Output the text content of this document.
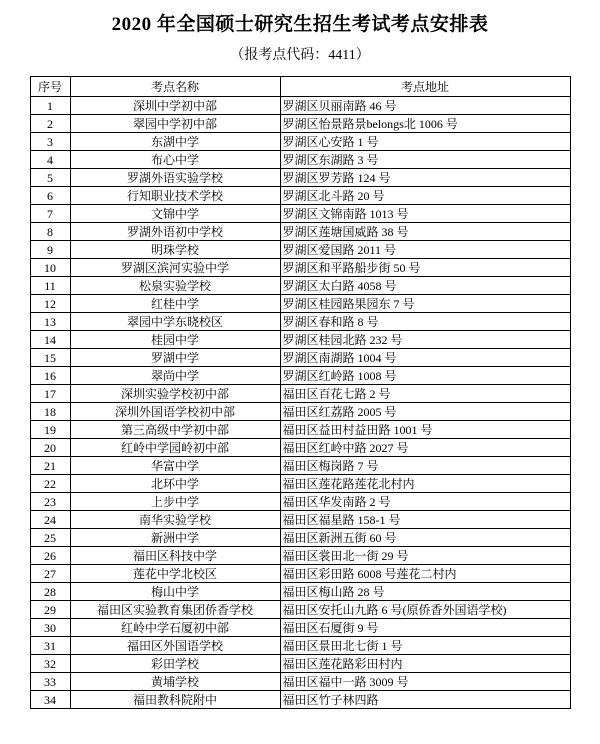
2020 年全国硕士研究生招生考试考点安排表
（报考点代码：4411）
序号	考点名称	考点地址
1	深圳中学初中部	罗湖区贝丽南路 46 号
2	翠园中学初中部	罗湖区怡景路景belongs北 1006 号
3	东湖中学	罗湖区心安路 1 号
4	布心中学	罗湖区东湖路 3 号
5	罗湖外语实验学校	罗湖区罗芳路 124 号
6	行知职业技术学校	罗湖区北斗路 20 号
7	文锦中学	罗湖区文锦南路 1013 号
8	罗湖外语初中学校	罗湖区莲塘国威路 38 号
9	明珠学校	罗湖区爱国路 2011 号
10	罗湖区滨河实验中学	罗湖区和平路船步街 50 号
11	松泉实验学校	罗湖区太白路 4058 号
12	红桂中学	罗湖区桂园路果园东 7 号
13	翠园中学东晓校区	罗湖区春和路 8 号
14	桂园中学	罗湖区桂园北路 232 号
15	罗湖中学	罗湖区南湖路 1004 号
16	翠尚中学	罗湖区红岭路 1008 号
17	深圳实验学校初中部	福田区百花七路 2 号
18	深圳外国语学校初中部	福田区红荔路 2005 号
19	第三高级中学初中部	福田区益田村益田路 1001 号
20	红岭中学园岭初中部	福田区红岭中路 2027 号
21	华富中学	福田区梅岗路 7 号
22	北环中学	福田区莲花路莲花北村内
23	上步中学	福田区华发南路 2 号
24	南华实验学校	福田区福星路 158-1 号
25	新洲中学	福田区新洲五街 60 号
26	福田区科技中学	福田区裳田北一街 29 号
27	莲花中学北校区	福田区彩田路 6008 号莲花二村内
28	梅山中学	福田区梅山路 28 号
29	福田区实验教育集团侨香学校	福田区安托山九路 6 号(原侨香外国语学校)
30	红岭中学石厦初中部	福田区石厦街 9 号
31	福田区外国语学校	福田区景田北七街 1 号
32	彩田学校	福田区莲花路彩田村内
33	黄埔学校	福田区福中一路 3009 号
34	福田教科院附中	福田区竹子林四路
